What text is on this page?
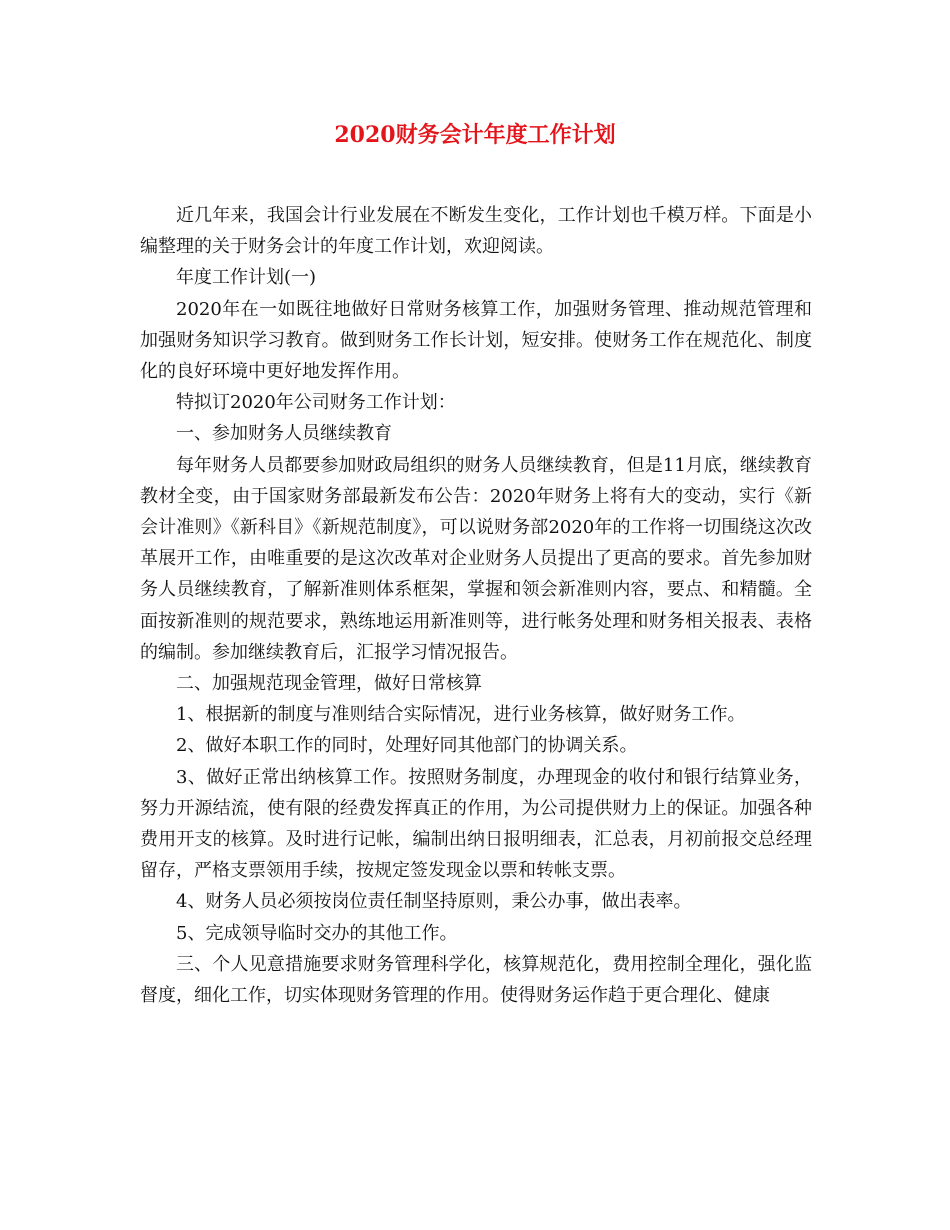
2020财务会计年度工作计划

近几年来，我国会计行业发展在不断发生变化，工作计划也千模万样。下面是小编整理的关于财务会计的年度工作计划，欢迎阅读。

年度工作计划(一)

2020年在一如既往地做好日常财务核算工作，加强财务管理、推动规范管理和加强财务知识学习教育。做到财务工作长计划，短安排。使财务工作在规范化、制度化的良好环境中更好地发挥作用。

特拟订2020年公司财务工作计划：

一、参加财务人员继续教育

每年财务人员都要参加财政局组织的财务人员继续教育，但是11月底，继续教育教材全变，由于国家财务部最新发布公告：2020年财务上将有大的变动，实行《新会计准则》《新科目》《新规范制度》，可以说财务部2020年的工作将一切围绕这次改革展开工作，由唯重要的是这次改革对企业财务人员提出了更高的要求。首先参加财务人员继续教育，了解新准则体系框架，掌握和领会新准则内容，要点、和精髓。全面按新准则的规范要求，熟练地运用新准则等，进行帐务处理和财务相关报表、表格的编制。参加继续教育后，汇报学习情况报告。

二、加强规范现金管理，做好日常核算

1、根据新的制度与准则结合实际情况，进行业务核算，做好财务工作。

2、做好本职工作的同时，处理好同其他部门的协调关系。

3、做好正常出纳核算工作。按照财务制度，办理现金的收付和银行结算业务，努力开源结流，使有限的经费发挥真正的作用，为公司提供财力上的保证。加强各种费用开支的核算。及时进行记帐，编制出纳日报明细表，汇总表，月初前报交总经理留存，严格支票领用手续，按规定签发现金以票和转帐支票。

4、财务人员必须按岗位责任制坚持原则，秉公办事，做出表率。

5、完成领导临时交办的其他工作。

三、个人见意措施要求财务管理科学化，核算规范化，费用控制全理化，强化监督度，细化工作，切实体现财务管理的作用。使得财务运作趋于更合理化、健康
